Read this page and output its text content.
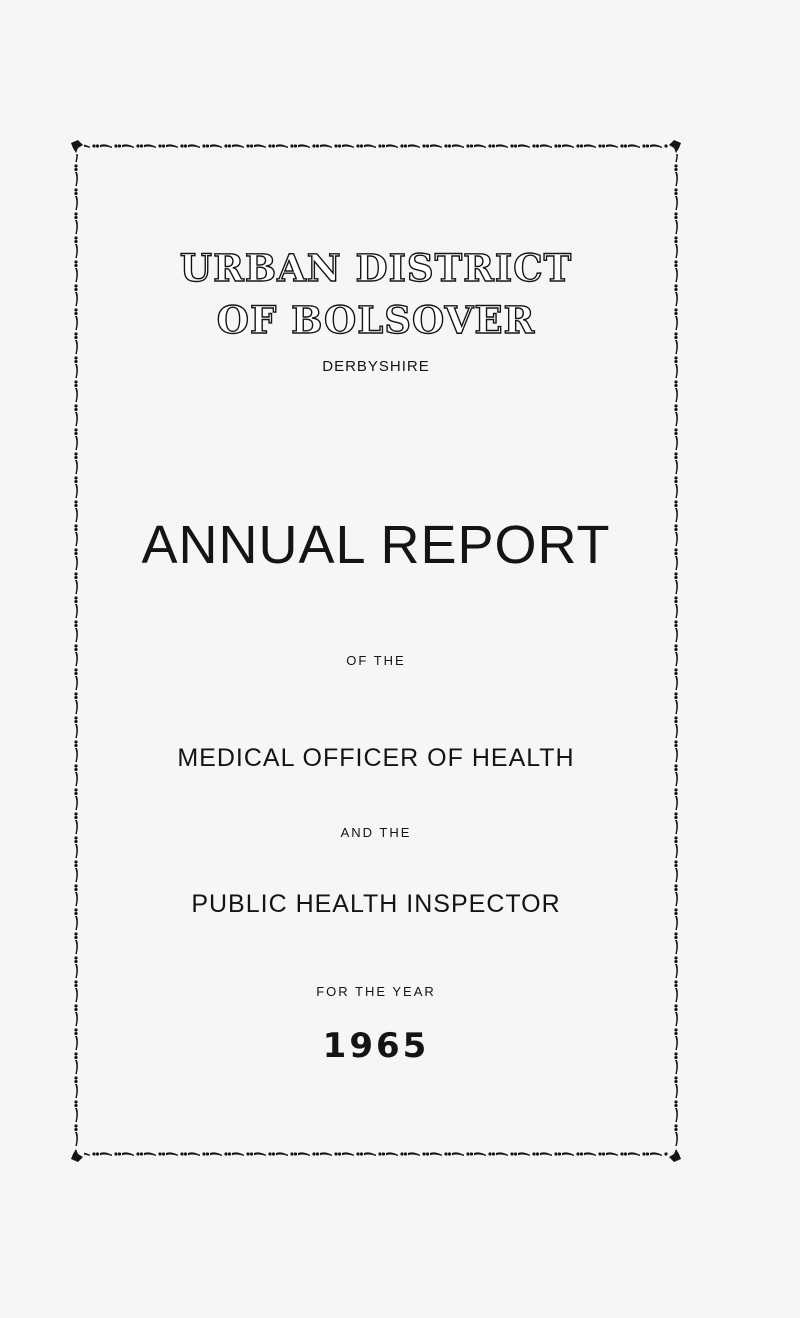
URBAN DISTRICT
OF BOLSOVER
DERBYSHIRE
ANNUAL REPORT
OF THE
MEDICAL OFFICER OF HEALTH
AND THE
PUBLIC HEALTH INSPECTOR
FOR THE YEAR
1965
